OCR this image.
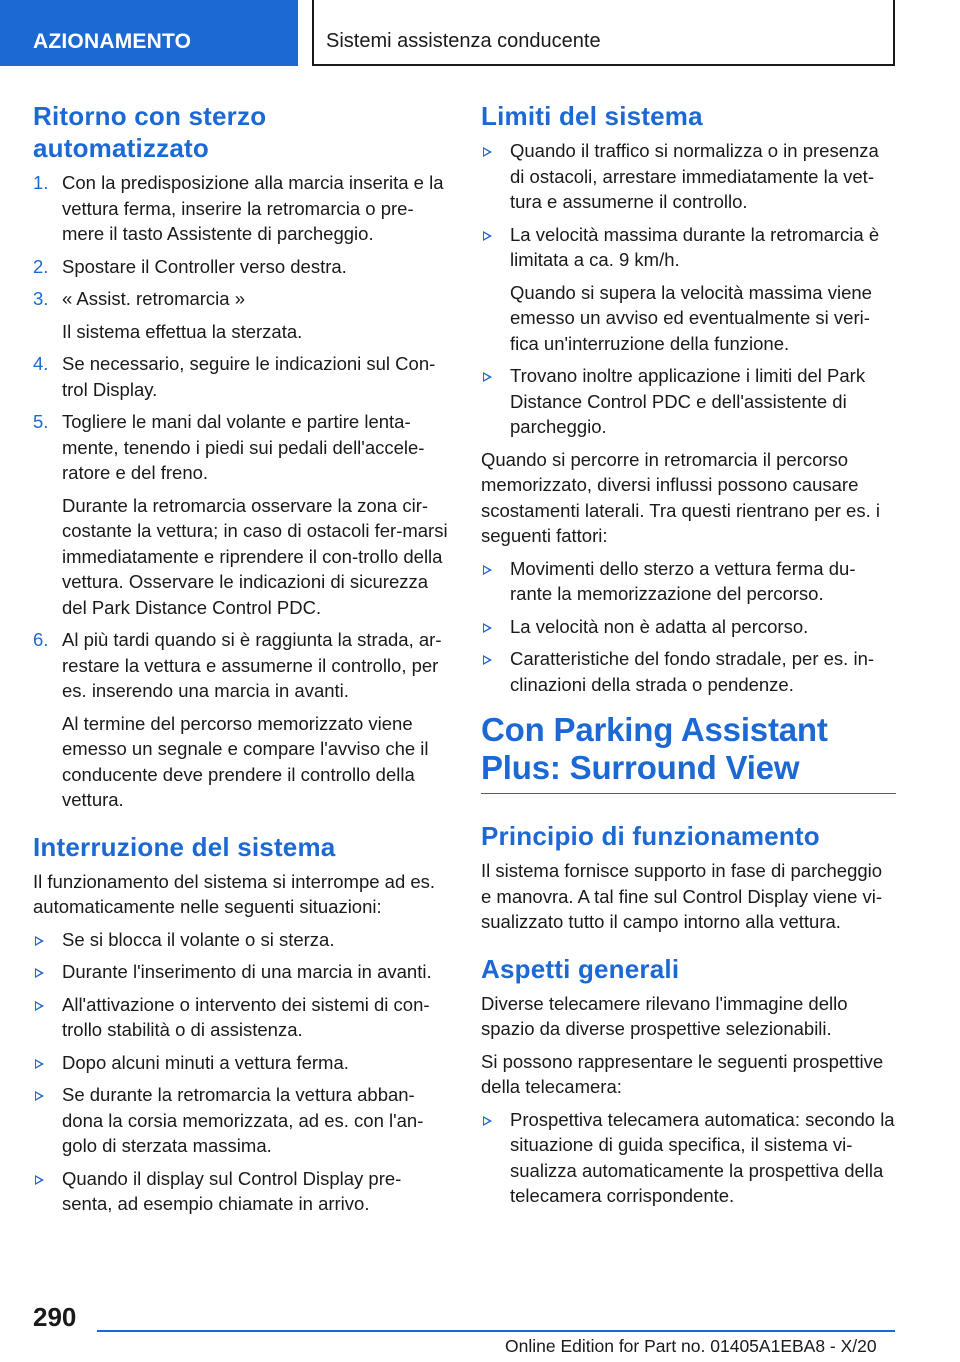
AZIONAMENTO	Sistemi assistenza conducente
Ritorno con sterzo automatizzato
1. Con la predisposizione alla marcia inserita e la vettura ferma, inserire la retromarcia o pre-mere il tasto Assistente di parcheggio.

2. Spostare il Controller verso destra.

3. « Assist. retromarcia »

Il sistema effettua la sterzata.

4. Se necessario, seguire le indicazioni sul Con-trol Display.

5. Togliere le mani dal volante e partire lenta-mente, tenendo i piedi sui pedali dell'accele-ratore e del freno.

Durante la retromarcia osservare la zona cir-costante la vettura; in caso di ostacoli fer-marsi immediatamente e riprendere il con-trollo della vettura. Osservare le indicazioni di sicurezza del Park Distance Control PDC.

6. Al più tardi quando si è raggiunta la strada, ar-restare la vettura e assumerne il controllo, per es. inserendo una marcia in avanti.

Al termine del percorso memorizzato viene emesso un segnale e compare l'avviso che il conducente deve prendere il controllo della vettura.

Interruzione del sistema

Il funzionamento del sistema si interrompe ad es. automaticamente nelle seguenti situazioni:

Se si blocca il volante o si sterza.

Durante l'inserimento di una marcia in avanti.

All'attivazione o intervento dei sistemi di con-trollo stabilità o di assistenza.

Dopo alcuni minuti a vettura ferma.

Se durante la retromarcia la vettura abban-dona la corsia memorizzata, ad es. con l'an-golo di sterzata massima.

Quando il display sul Control Display pre-senta, ad esempio chiamate in arrivo.

Limiti del sistema

Quando il traffico si normalizza o in presenza di ostacoli, arrestare immediatamente la vet-tura e assumerne il controllo.

La velocità massima durante la retromarcia è limitata a ca. 9 km/h.

Quando si supera la velocità massima viene emesso un avviso ed eventualmente si veri-fica un'interruzione della funzione.

Trovano inoltre applicazione i limiti del Park Distance Control PDC e dell'assistente di parcheggio.

Quando si percorre in retromarcia il percorso memorizzato, diversi influssi possono causare scostamenti laterali. Tra questi rientrano per es. i seguenti fattori:

Movimenti dello sterzo a vettura ferma du-rante la memorizzazione del percorso.

La velocità non è adatta al percorso.

Caratteristiche del fondo stradale, per es. in-clinazioni della strada o pendenze.

Con Parking Assistant Plus: Surround View
Principio di funzionamento

Il sistema fornisce supporto in fase di parcheggio e manovra. A tal fine sul Control Display viene vi-sualizzato tutto il campo intorno alla vettura.

Aspetti generali

Diverse telecamere rilevano l'immagine dello spazio da diverse prospettive selezionabili.

Si possono rappresentare le seguenti prospettive della telecamera:

Prospettiva telecamera automatica: secondo la situazione di guida specifica, il sistema vi-sualizza automaticamente la prospettiva della telecamera corrispondente.

290
Online Edition for Part no. 01405A1EBA8 - X/20
